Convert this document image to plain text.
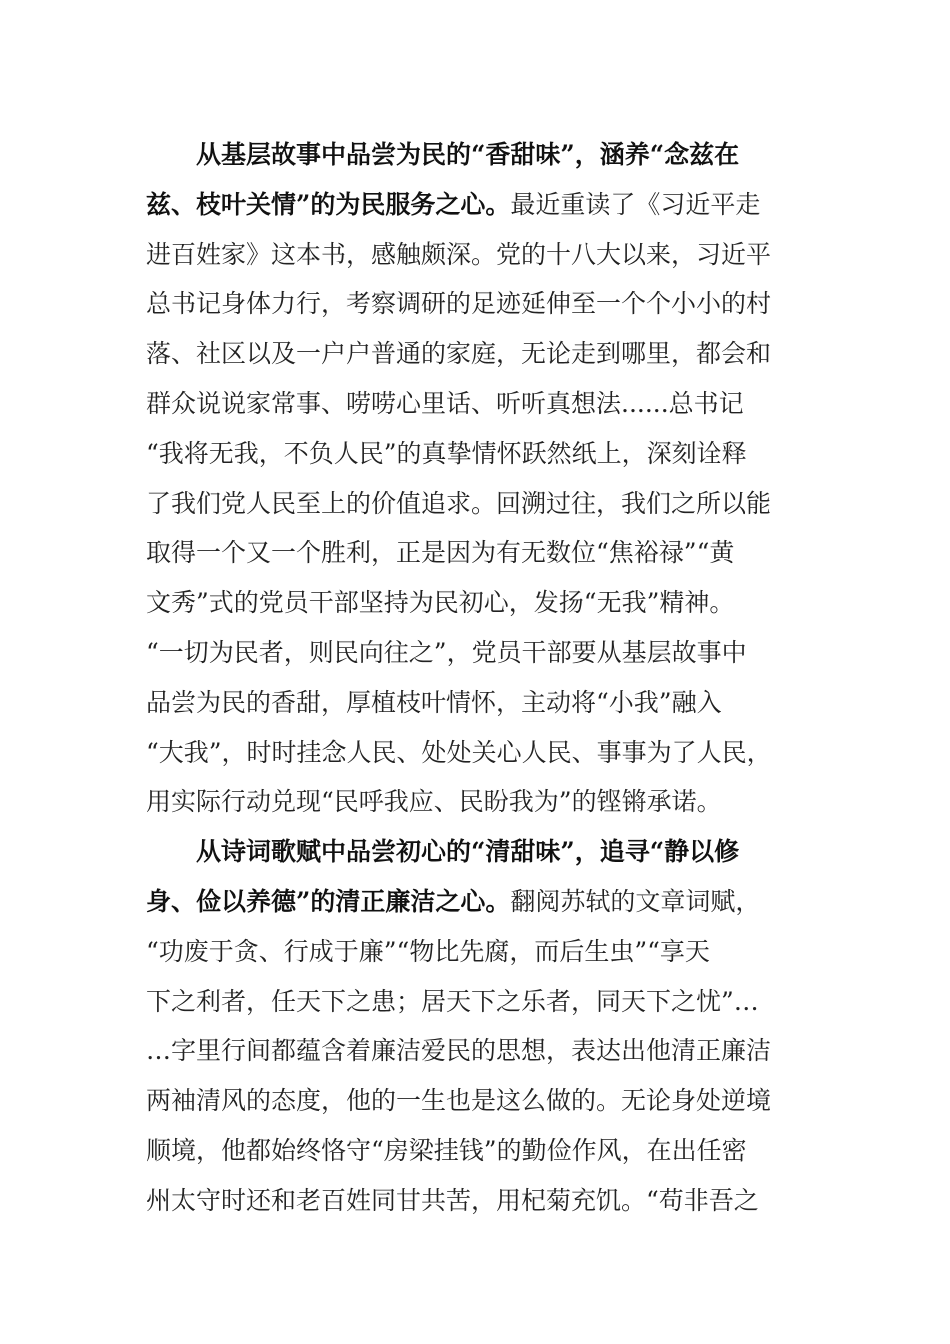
从基层故事中品尝为民的“香甜味”，涵养“念兹在
兹、枝叶关情”的为民服务之心。最近重读了《习近平走
进百姓家》这本书，感触颇深。党的十八大以来，习近平
总书记身体力行，考察调研的足迹延伸至一个个小小的村
落、社区以及一户户普通的家庭，无论走到哪里，都会和
群众说说家常事、唠唠心里话、听听真想法......总书记
“我将无我，不负人民”的真挚情怀跃然纸上，深刻诠释
了我们党人民至上的价值追求。回溯过往，我们之所以能
取得一个又一个胜利，正是因为有无数位“焦裕禄”“黄
文秀”式的党员干部坚持为民初心，发扬“无我”精神。
“一切为民者，则民向往之”，党员干部要从基层故事中
品尝为民的香甜，厚植枝叶情怀，主动将“小我”融入
“大我”，时时挂念人民、处处关心人民、事事为了人民，
用实际行动兑现“民呼我应、民盼我为”的铿锵承诺。
从诗词歌赋中品尝初心的“清甜味”，追寻“静以修
身、俭以养德”的清正廉洁之心。翻阅苏轼的文章词赋，
“功废于贪、行成于廉”“物比先腐，而后生虫”“享天
下之利者，任天下之患；居天下之乐者，同天下之忧”…
…字里行间都蕴含着廉洁爱民的思想，表达出他清正廉洁
两袖清风的态度，他的一生也是这么做的。无论身处逆境
顺境，他都始终恪守“房梁挂钱”的勤俭作风，在出任密
州太守时还和老百姓同甘共苦，用杞菊充饥。“苟非吾之
